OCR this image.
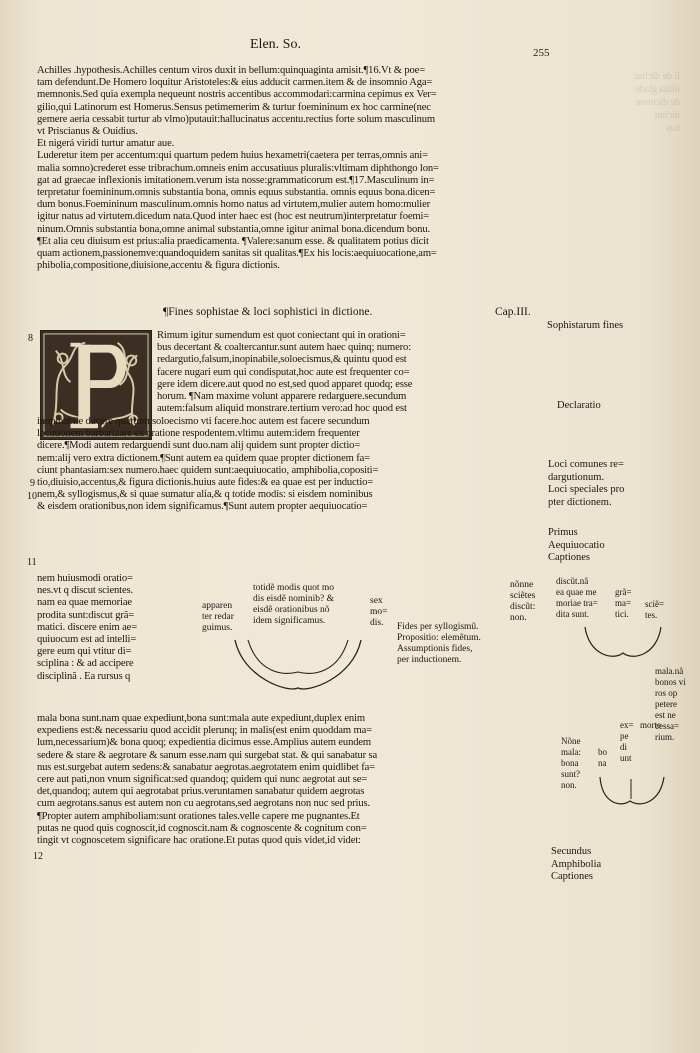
ſi de dicitur
iſſiua glade
de dictione
dicitur
bus
Elen. So.
255
Achilles .hypothesis.Achilles centum viros duxit in bellum:quinquaginta amisit.¶16.Vt & poe=
tam defendunt.De Homero loquitur Aristoteles:& eius adducit carmen.item & de insomnio Aga=
memnonis.Sed quia exempla nequeunt nostris accentibus accommodari:carmina cepimus ex Ver=
gilio,qui Latinorum est Homerus.Sensus petimemerim & turtur foemininum ex hoc carmine(nec
gemere aeria cessabit turtur ab vlmo)putauit:hallucinatus accentu.rectius forte solum masculinum
vt Priscianus & Ouidius.
Et nigerá viridi turtur amatur aue.
Luderetur item per accentum:qui quartum pedem huius hexametri(caetera per terras,omnis ani=
malia somno)crederet esse tribrachum.omneis enim accusatiuus pluralis:vltimam diphthongo lon=
gat ad graecae inflexionis imitationem.verum ista nosse:grammaticorum est.¶17.Masculinum in=
terpretatur foemininum.omnis substantia bona, omnis equus substantia. omnis equus bona.dicen=
dum bonus.Foemininum masculinum.omnis homo natus ad virtutem,mulier autem homo:mulier
igitur natus ad virtutem.dicedum nata.Quod inter haec est (hoc est neutrum)interpretatur foemi=
ninum.Omnis substantia bona,omne animal substantia,omne igitur animal bona.dicendum bonu.
¶Et alia ceu diuisum est prius:alia praedicamenta. ¶Valere:sanum esse. & qualitatem potius dicit
quam actionem,passionemve:quandoquidem sanitas sit qualitas.¶Ex his locis:aequiuocatione,am=
phibolia,compositione,diuisione,accentu & figura dictionis.
¶Fines sophistae & loci sophistici in dictione.	Cap.III.
8
9
10
11
12
Rimum igitur sumendum est quot coniectant qui in orationi=
bus decertant & coaltercantur.sunt autem haec quinq; numero:
redargutio,falsum,inopinabile,soloecismus,& quintu quod est
facere nugari eum qui condisputat,hoc aute est frequenter co=
gere idem dicere.aut quod no est,sed quod apparet quodq; esse
horum. ¶Nam maxime volunt apparere redarguere.secundum
autem:falsum aliquid monstrare.tertium vero:ad hoc quod est
inopinabile ducere quartum soloecismo vti facere.hoc autem est facere secundum
locutionem barbarizare ex oratione respodentem.vltimu autem:idem frequenter
dicere.¶Modi autem redarguendi sunt duo.nam alij quidem sunt propter dictio=
nem:alij vero extra dictionem.¶Sunt autem ea quidem quae propter dictionem fa=
ciunt phantasiam:sex numero.haec quidem sunt:aequiuocatio, amphibolia,copositi=
tio,diuisio,accentus,& figura dictionis.huius aute fides:& ea quae est per inductio=
nem,& syllogismus,& si quae sumatur alia,& q totide modis: si eisdem nominibus
& eisdem orationibus,non idem significamus.¶Sunt autem propter aequiuocatio=
nem huiusmodi oratio=
nes.vt q discut scientes.
nam ea quae memoriae
prodita sunt:discut grã=
matici. discere enim ae=
quiuocum est ad intelli=
gere eum qui vtitur di=
sciplina : & ad accipere
disciplinã . Ea rursus q
apparen
ter redar
guimus.
totidẽ modis quot mo
dis eisdẽ nominib? &
eisdẽ orationibus nõ
idem significamus.
sex
mo=
dis.	Fides per syllogismũ.
Propositio: elemẽtum.
Assumptionis fides,
per inductionem.
nõnne
sciẽtes
discũt:
non.
mala bona sunt.nam quae expediunt,bona sunt:mala aute expediunt,duplex enim
expediens est:& necessariu quod accidit plerunq; in malis(est enim quoddam ma=
lum,necessarium)& bona quoq; expedientia dicimus esse.Amplius autem eundem
sedere & stare & aegrotare & sanum esse.nam qui surgebat stat. & qui sanabatur sa
nus est.surgebat autem sedens:& sanabatur aegrotas.aegrotatem enim quidlibet fa=
cere aut pati,non vnum significat:sed quandoq; quidem qui nunc aegrotat aut se=
det,quandoq; autem qui aegrotabat prius.veruntamen sanabatur quidem aegrotas
cum aegrotans.sanus est autem non cu aegrotans,sed aegrotans non nuc sed prius.
¶Propter autem amphiboliam:sunt orationes tales.velle capere me pugnantes.Et
putas ne quod quis cognoscit,id cognoscit.nam & cognoscente & cognitum con=
tingit vt cognoscetem significare hac oratione.Et putas quod quis videt,id videt:
Sophistarum fines
Declaratio
Loci comunes re=
dargutionum.
Loci speciales pro
pter dictionem.
Primus
Aequiuocatio
Captiones
discũt.nã
ea quae me
moriae tra=
dita sunt.
grã=
ma=
tici.
sciẽ=
tes.
mala.nã
bonos vi
ros op
petere
est ne
cessa=
rium.
ex=
pe
di
unt
morte
Nõne
mala:
bona
sunt?
non.
bo
na
Secundus
Amphibolia
Captiones
